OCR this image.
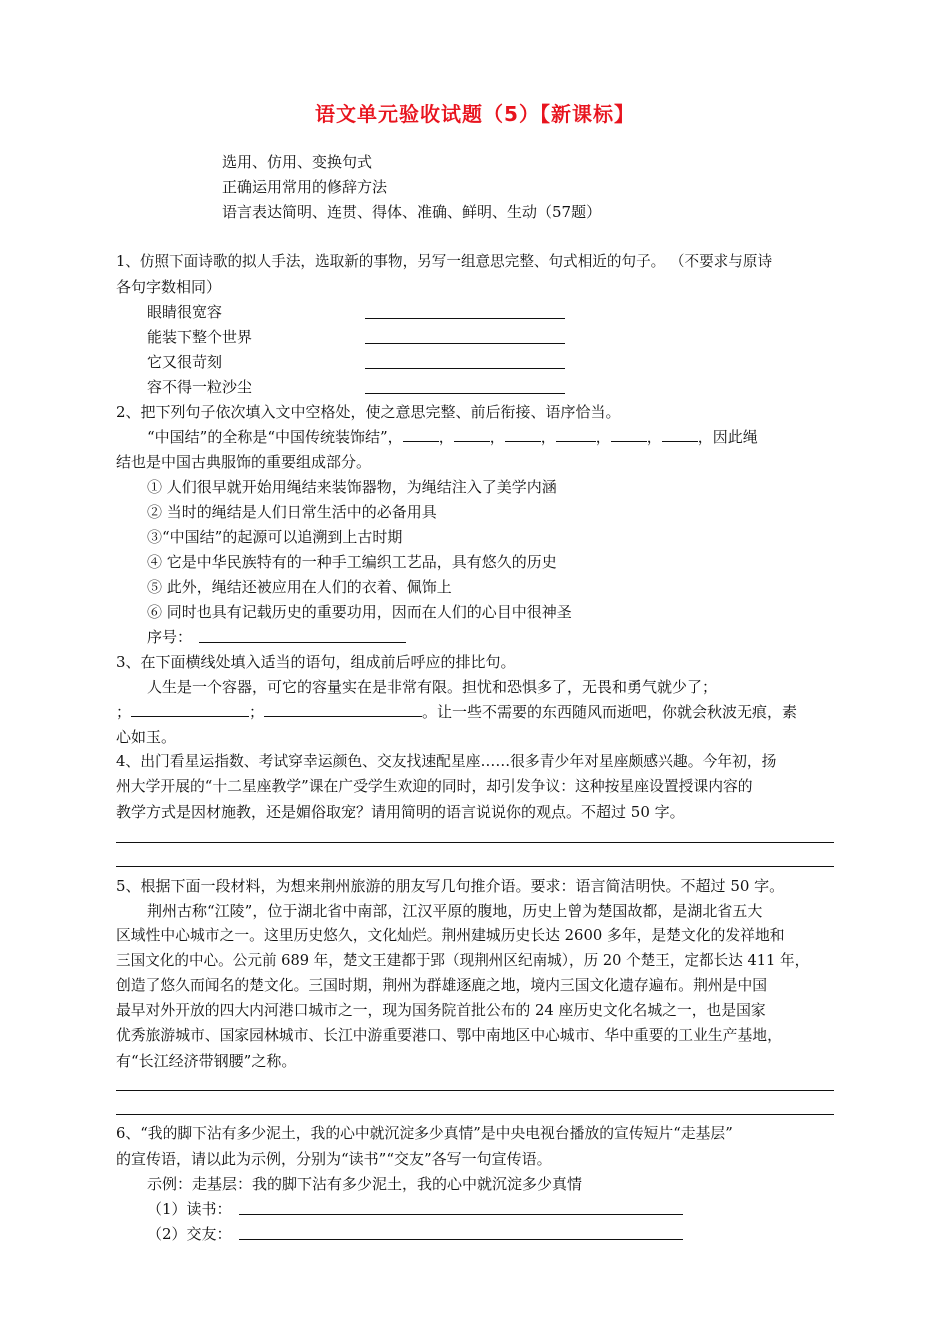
语文单元验收试题（5）【新课标】
选用、仿用、变换句式
正确运用常用的修辞方法
语言表达简明、连贯、得体、准确、鲜明、生动（57题）
1、仿照下面诗歌的拟人手法，选取新的事物，另写一组意思完整、句式相近的句子。 （不要求与原诗
各句字数相同）
眼睛很宽容
能装下整个世界
它又很苛刻
容不得一粒沙尘
2、把下列句子依次填入文中空格处，使之意思完整、前后衔接、语序恰当。
“中国结”的全称是“中国传统装饰结”， ， ， ，	， ， ，因此绳
结也是中国古典服饰的重要组成部分。
① 人们很早就开始用绳结来装饰器物，为绳结注入了美学内涵
② 当时的绳结是人们日常生活中的必备用具
③“中国结”的起源可以追溯到上古时期
④ 它是中华民族特有的一种手工编织工艺品，具有悠久的历史
⑤ 此外，绳结还被应用在人们的衣着、佩饰上
⑥ 同时也具有记载历史的重要功用，因而在人们的心目中很神圣
序号：
3、在下面横线处填入适当的语句，组成前后呼应的排比句。
人生是一个容器，可它的容量实在是非常有限。担忧和恐惧多了，无畏和勇气就少了；
；	；	。让一些不需要的东西随风而逝吧，你就会秋波无痕，素
心如玉。
4、出门看星运指数、考试穿幸运颜色、交友找速配星座……很多青少年对星座颇感兴趣。今年初，扬
州大学开展的“十二星座教学”课在广受学生欢迎的同时，却引发争议：这种按星座设置授课内容的
教学方式是因材施教，还是媚俗取宠？请用简明的语言说说你的观点。不超过 50 字。
5、根据下面一段材料，为想来荆州旅游的朋友写几句推介语。要求：语言简洁明快。不超过 50 字。
荆州古称“江陵”，位于湖北省中南部，江汉平原的腹地，历史上曾为楚国故都，是湖北省五大
区域性中心城市之一。这里历史悠久，文化灿烂。荆州建城历史长达 2600 多年，是楚文化的发祥地和
三国文化的中心。公元前 689 年，楚文王建都于郢（现荆州区纪南城），历 20 个楚王，定都长达 411 年，
创造了悠久而闻名的楚文化。三国时期，荆州为群雄逐鹿之地，境内三国文化遗存遍布。荆州是中国
最早对外开放的四大内河港口城市之一，现为国务院首批公布的 24 座历史文化名城之一，也是国家
优秀旅游城市、国家园林城市、长江中游重要港口、鄂中南地区中心城市、华中重要的工业生产基地，
有“长江经济带钢腰”之称。
6、“我的脚下沾有多少泥土，我的心中就沉淀多少真情”是中央电视台播放的宣传短片“走基层”
的宣传语，请以此为示例，分别为“读书”“交友”各写一句宣传语。
示例：走基层：我的脚下沾有多少泥土，我的心中就沉淀多少真情
（1）读书：
（2）交友：
